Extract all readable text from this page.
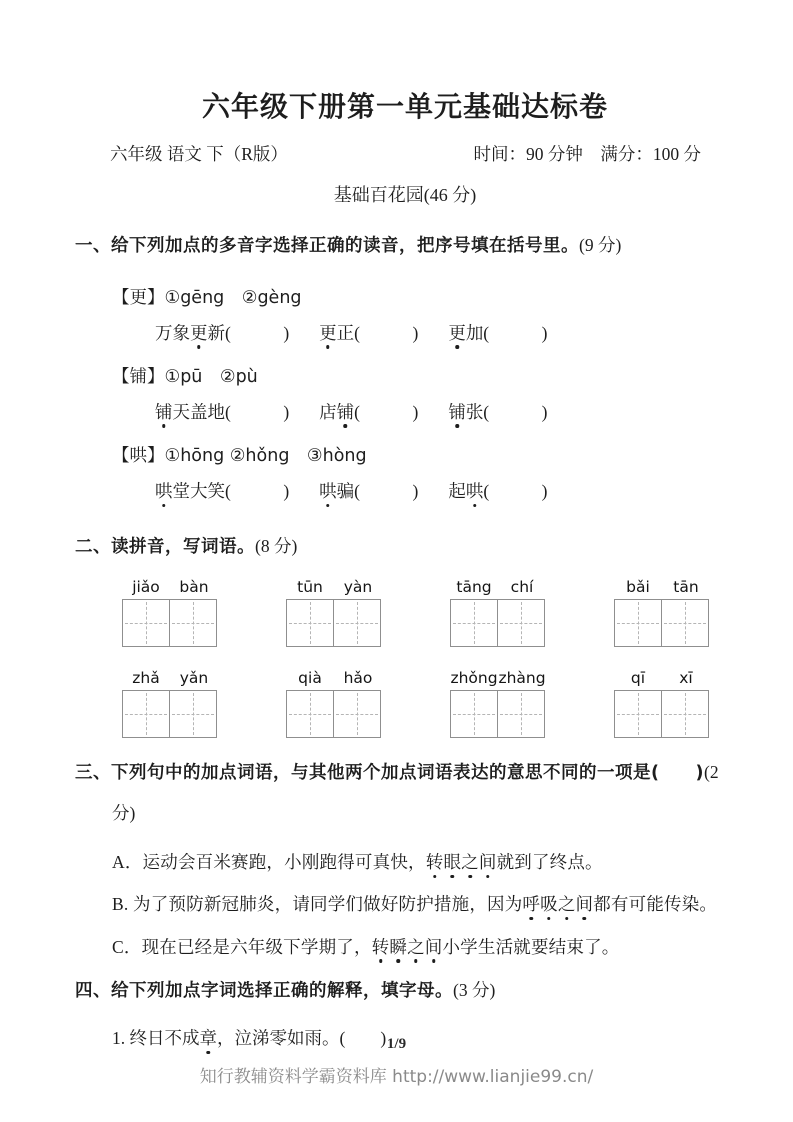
六年级下册第一单元基础达标卷
六年级 语文 下（R版）	时间：90 分钟　满分：100 分
基础百花园(46 分)
一、给下列加点的多音字选择正确的读音，把序号填在括号里。(9 分)
【更】①gēng　②gèng
万象更新(　　　) 更正(　　　) 更加(　　　)
【铺】①pū　②pù
铺天盖地(　　　) 店铺(　　　) 铺张(　　　)
【哄】①hōng ②hǒng　③hòng
哄堂大笑(　　　) 哄骗(　　　) 起哄(　　　)
二、读拼音，写词语。(8 分)
jiǎo	bàn	tūn	yàn	tāng	chí	bǎi	tān
zhǎ	yǎn	qià	hǎo	zhǒng zhàng	qī	xī
三、下列句中的加点词语，与其他两个加点词语表达的意思不同的一项是(　　)(2 分)
A．运动会百米赛跑，小刚跑得可真快，转眼之间就到了终点。
B. 为了预防新冠肺炎，请同学们做好防护措施，因为呼吸之间都有可能传染。
C．现在已经是六年级下学期了，转瞬之间小学生活就要结束了。
四、给下列加点字词选择正确的解释，填字母。(3 分)
1. 终日不成章，泣涕零如雨。(　　) 1/9
知行教辅资料学霸资料库 http://www.lianjie99.cn/
